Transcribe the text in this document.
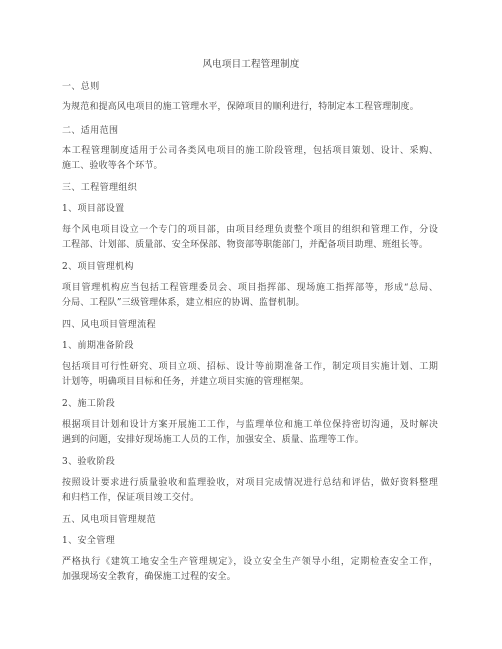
风电项目工程管理制度
一、总则
为规范和提高风电项目的施工管理水平，保障项目的顺利进行，特制定本工程管理制度。
二、适用范围
本工程管理制度适用于公司各类风电项目的施工阶段管理，包括项目策划、设计、采购、
施工、验收等各个环节。
三、工程管理组织
1、项目部设置
每个风电项目设立一个专门的项目部，由项目经理负责整个项目的组织和管理工作，分设
工程部、计划部、质量部、安全环保部、物资部等职能部门，并配备项目助理、班组长等。
2、项目管理机构
项目管理机构应当包括工程管理委员会、项目指挥部、现场施工指挥部等，形成“总局、
分局、工程队”三级管理体系，建立相应的协调、监督机制。
四、风电项目管理流程
1、前期准备阶段
包括项目可行性研究、项目立项、招标、设计等前期准备工作，制定项目实施计划、工期
计划等，明确项目目标和任务，并建立项目实施的管理框架。
2、施工阶段
根据项目计划和设计方案开展施工工作，与监理单位和施工单位保持密切沟通，及时解决
遇到的问题，安排好现场施工人员的工作，加强安全、质量、监理等工作。
3、验收阶段
按照设计要求进行质量验收和监理验收，对项目完成情况进行总结和评估，做好资料整理
和归档工作，保证项目竣工交付。
五、风电项目管理规范
1、安全管理
严格执行《建筑工地安全生产管理规定》，设立安全生产领导小组，定期检查安全工作，
加强现场安全教育，确保施工过程的安全。
